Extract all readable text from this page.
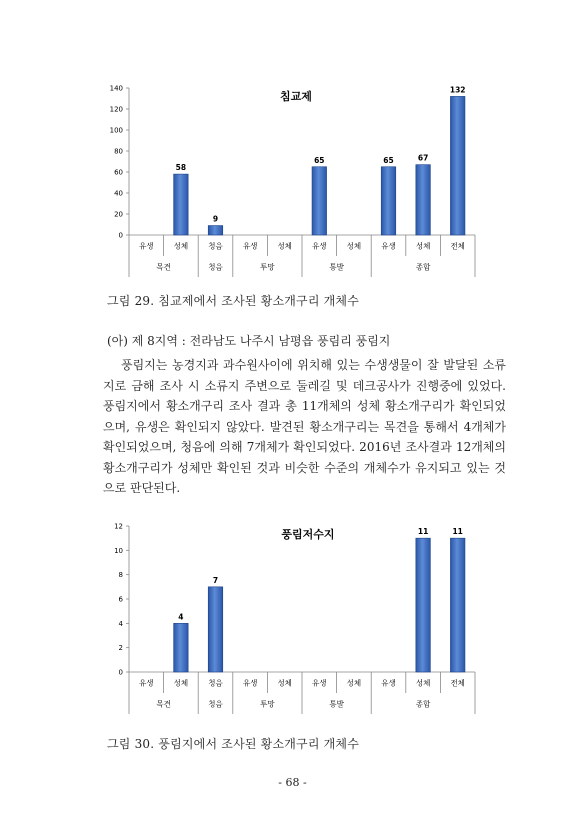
침교제
0
20
40
60
80
100
120
140
유생	성체	청음	유생	성체	유생	성체	유생	성체	전체
목견	청음	투망	통발	종합
58
9
65	65	67
132
그림 29. 침교제에서 조사된 황소개구리 개체수
(아) 제 8지역 : 전라남도 나주시 남평읍 풍림리 풍림지

풍림지는 농경지과 과수원사이에 위치해 있는 수생생물이 잘 발달된 소류지로 금해 조사 시 소류지 주변으로 둘레길 및 데크공사가 진행중에 있었다. 풍림지에서 황소개구리 조사 결과 총 11개체의 성체 황소개구리가 확인되었으며, 유생은 확인되지 않았다. 발견된 황소개구리는 목견을 통해서 4개체가 확인되었으며, 청음에 의해 7개체가 확인되었다. 2016년 조사결과 12개체의 황소개구리가 성체만 확인된 것과 비슷한 수준의 개체수가 유지되고 있는 것으로 판단된다.

풍림저수지
0
2
4
6
8
10
12
유생	성체	청음	유생	성체	유생	성체	유생	성체	전체
목견	청음	투망	통발	종합
4
7
11	11
그림 30. 풍림지에서 조사된 황소개구리 개체수
- 68 -
